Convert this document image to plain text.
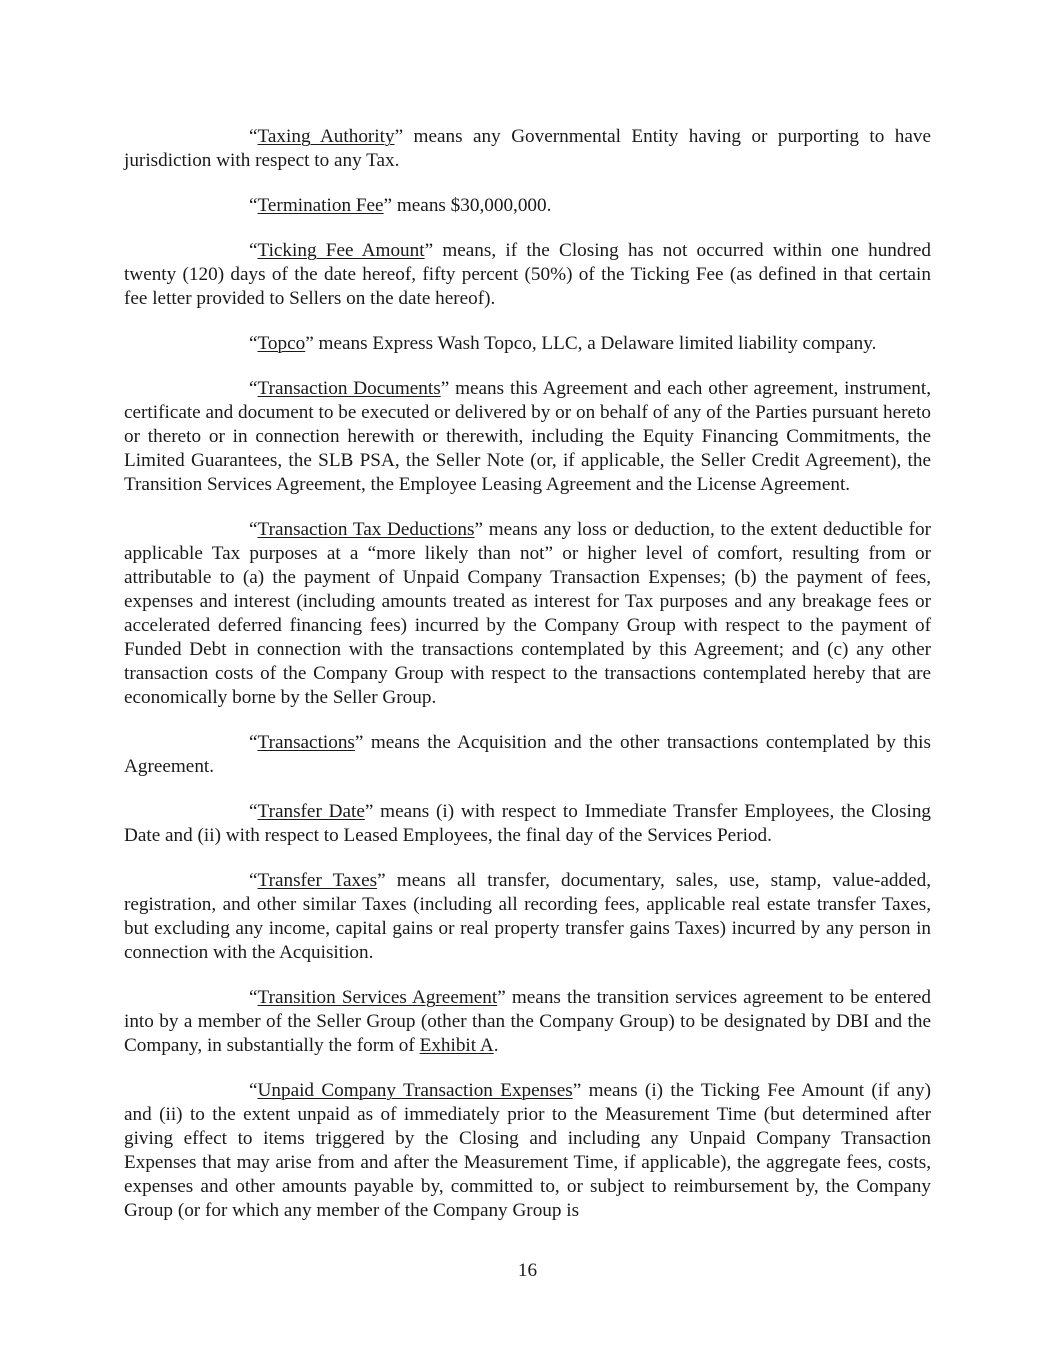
“Taxing Authority” means any Governmental Entity having or purporting to have jurisdiction with respect to any Tax.

“Termination Fee” means $30,000,000.

“Ticking Fee Amount” means, if the Closing has not occurred within one hundred twenty (120) days of the date hereof, fifty percent (50%) of the Ticking Fee (as defined in that certain fee letter provided to Sellers on the date hereof).

“Topco” means Express Wash Topco, LLC, a Delaware limited liability company.

“Transaction Documents” means this Agreement and each other agreement, instrument, certificate and document to be executed or delivered by or on behalf of any of the Parties pursuant hereto or thereto or in connection herewith or therewith, including the Equity Financing Commitments, the Limited Guarantees, the SLB PSA, the Seller Note (or, if applicable, the Seller Credit Agreement), the Transition Services Agreement, the Employee Leasing Agreement and the License Agreement.

“Transaction Tax Deductions” means any loss or deduction, to the extent deductible for applicable Tax purposes at a “more likely than not” or higher level of comfort, resulting from or attributable to (a) the payment of Unpaid Company Transaction Expenses; (b) the payment of fees, expenses and interest (including amounts treated as interest for Tax purposes and any breakage fees or accelerated deferred financing fees) incurred by the Company Group with respect to the payment of Funded Debt in connection with the transactions contemplated by this Agreement; and (c) any other transaction costs of the Company Group with respect to the transactions contemplated hereby that are economically borne by the Seller Group.

“Transactions” means the Acquisition and the other transactions contemplated by this Agreement.

“Transfer Date” means (i) with respect to Immediate Transfer Employees, the Closing Date and (ii) with respect to Leased Employees, the final day of the Services Period.

“Transfer Taxes” means all transfer, documentary, sales, use, stamp, value-added, registration, and other similar Taxes (including all recording fees, applicable real estate transfer Taxes, but excluding any income, capital gains or real property transfer gains Taxes) incurred by any person in connection with the Acquisition.

“Transition Services Agreement” means the transition services agreement to be entered into by a member of the Seller Group (other than the Company Group) to be designated by DBI and the Company, in substantially the form of Exhibit A.

“Unpaid Company Transaction Expenses” means (i) the Ticking Fee Amount (if any) and (ii) to the extent unpaid as of immediately prior to the Measurement Time (but determined after giving effect to items triggered by the Closing and including any Unpaid Company Transaction Expenses that may arise from and after the Measurement Time, if applicable), the aggregate fees, costs, expenses and other amounts payable by, committed to, or subject to reimbursement by, the Company Group (or for which any member of the Company Group is

16
